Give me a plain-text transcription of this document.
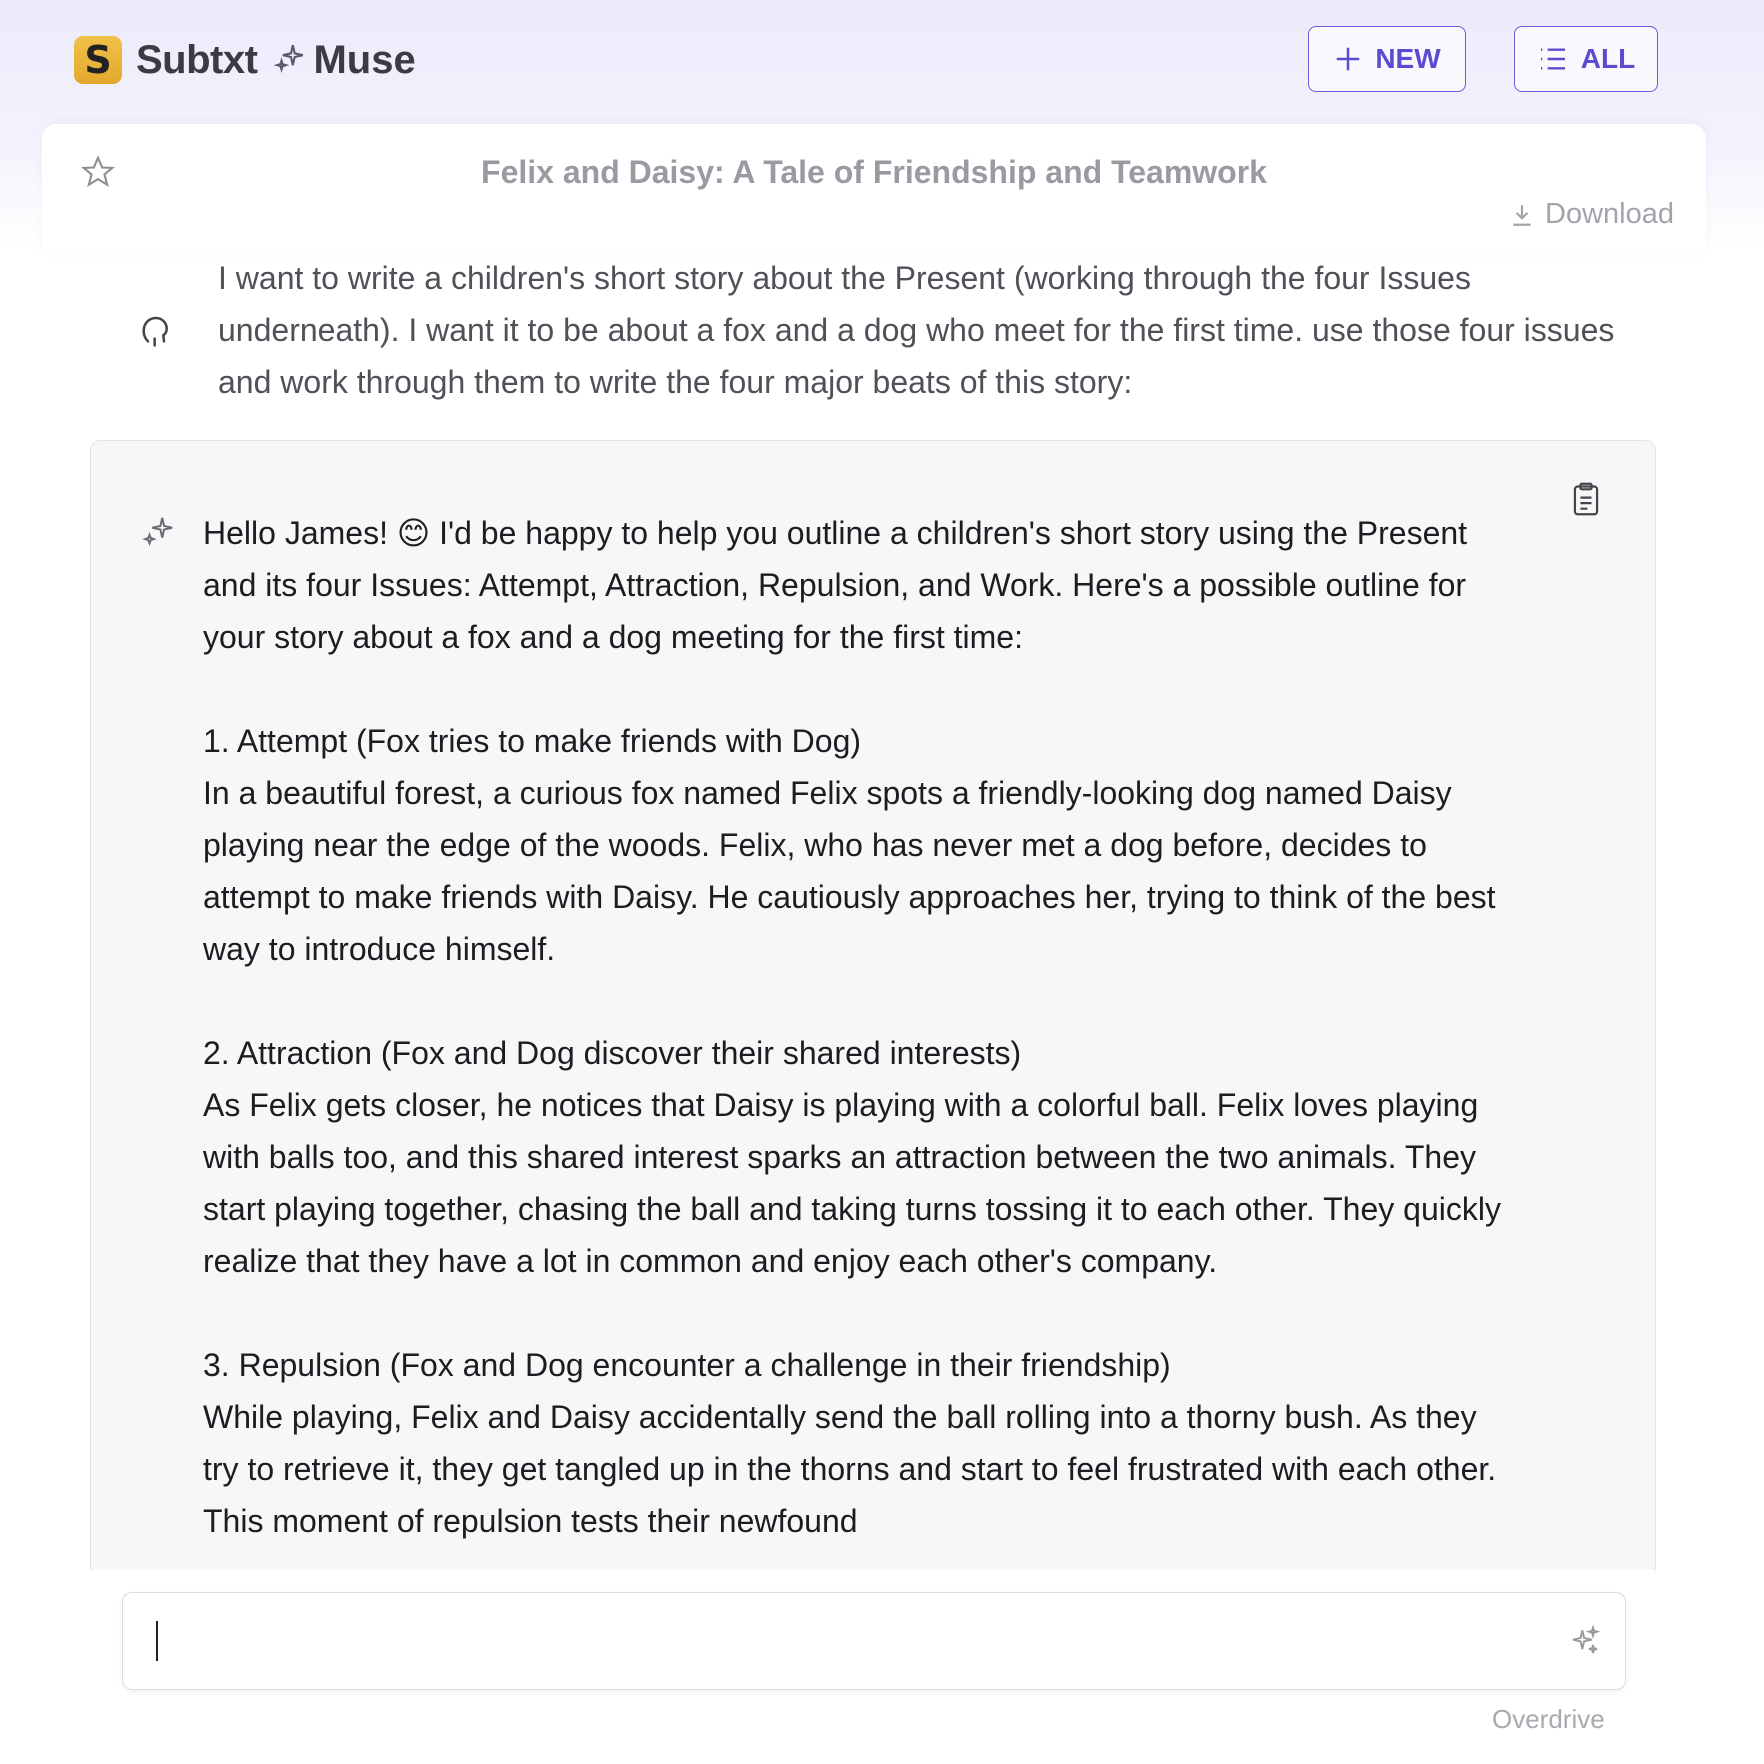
S Subtxt Muse	NEW	ALL
Felix and Daisy: A Tale of Friendship and Teamwork
Download
I want to write a children's short story about the Present (working through the four Issues underneath). I want it to be about a fox and a dog who meet for the first time. use those four issues and work through them to write the four major beats of this story:

Hello James! 😊 I'd be happy to help you outline a children's short story using the Present and its four Issues: Attempt, Attraction, Repulsion, and Work. Here's a possible outline for your story about a fox and a dog meeting for the first time:

1. Attempt (Fox tries to make friends with Dog)
In a beautiful forest, a curious fox named Felix spots a friendly-looking dog named Daisy playing near the edge of the woods. Felix, who has never met a dog before, decides to attempt to make friends with Daisy. He cautiously approaches her, trying to think of the best way to introduce himself.

2. Attraction (Fox and Dog discover their shared interests)
As Felix gets closer, he notices that Daisy is playing with a colorful ball. Felix loves playing with balls too, and this shared interest sparks an attraction between the two animals. They start playing together, chasing the ball and taking turns tossing it to each other. They quickly realize that they have a lot in common and enjoy each other's company.

3. Repulsion (Fox and Dog encounter a challenge in their friendship)
While playing, Felix and Daisy accidentally send the ball rolling into a thorny bush. As they try to retrieve it, they get tangled up in the thorns and start to feel frustrated with each other. This moment of repulsion tests their newfound

Overdrive
